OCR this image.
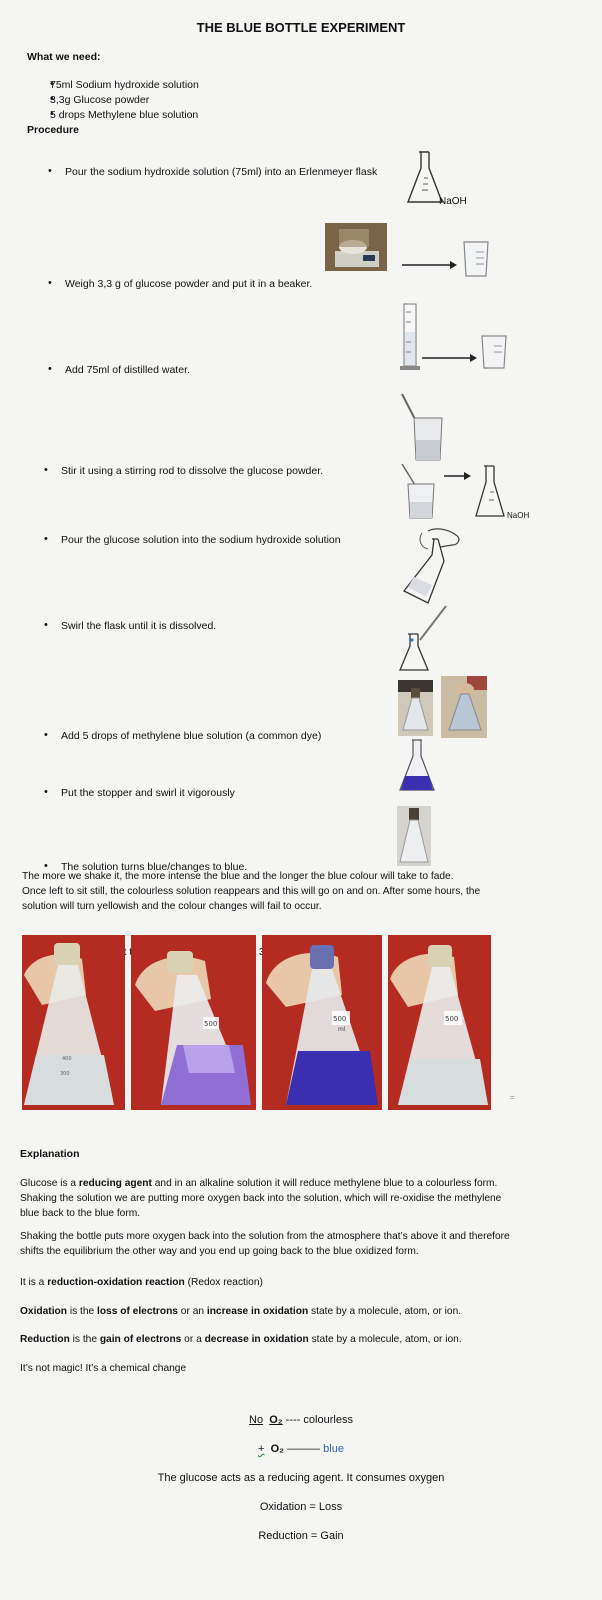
THE BLUE BOTTLE EXPERIMENT
What we need:
• 75ml Sodium hydroxide solution
• 3,3g Glucose powder
• 5 drops Methylene blue solution
Procedure
• Pour the sodium hydroxide solution (75ml) into an Erlenmeyer flask
• Weigh 3,3 g of glucose powder and put it in a beaker.
• Add 75ml of distilled water.
• Stir it using a stirring rod to dissolve the glucose powder.
• Pour the glucose solution into the sodium hydroxide solution
• Swirl the flask until it is dissolved.
• Add 5 drops of methylene blue solution (a common dye)
• Put the stopper and swirl it vigorously
• The solution turns blue/changes to blue.
•
NaOH
NaOH
The more we shake it, the more intense the blue and the longer the blue colour will take to fade.
Once left to sit still, the colourless solution reappears and this will go on and on. After some hours, the
solution will turn yellowish and the colour changes will fail to occur.
400
300
500
500
ml
500
=
Explanation
Glucose is a reducing agent and in an alkaline solution it will reduce methylene blue to a colourless form.
Shaking the solution we are putting more oxygen back into the solution, which will re-oxidise the methylene
blue back to the blue form.
Shaking the bottle puts more oxygen back into the solution from the atmosphere that’s above it and therefore
shifts the equilibrium the other way and you end up going back to the blue oxidized form.
It is a reduction-oxidation reaction (Redox reaction)
Oxidation is the loss of electrons or an increase in oxidation state by a molecule, atom, or ion.
Reduction is the gain of electrons or a decrease in oxidation state by a molecule, atom, or ion.
It’s not magic! It’s a chemical change
No O₂ ---- colourless
+ O₂ ——— blue
The glucose acts as a reducing agent. It consumes oxygen
Oxidation = Loss
Reduction = Gain
